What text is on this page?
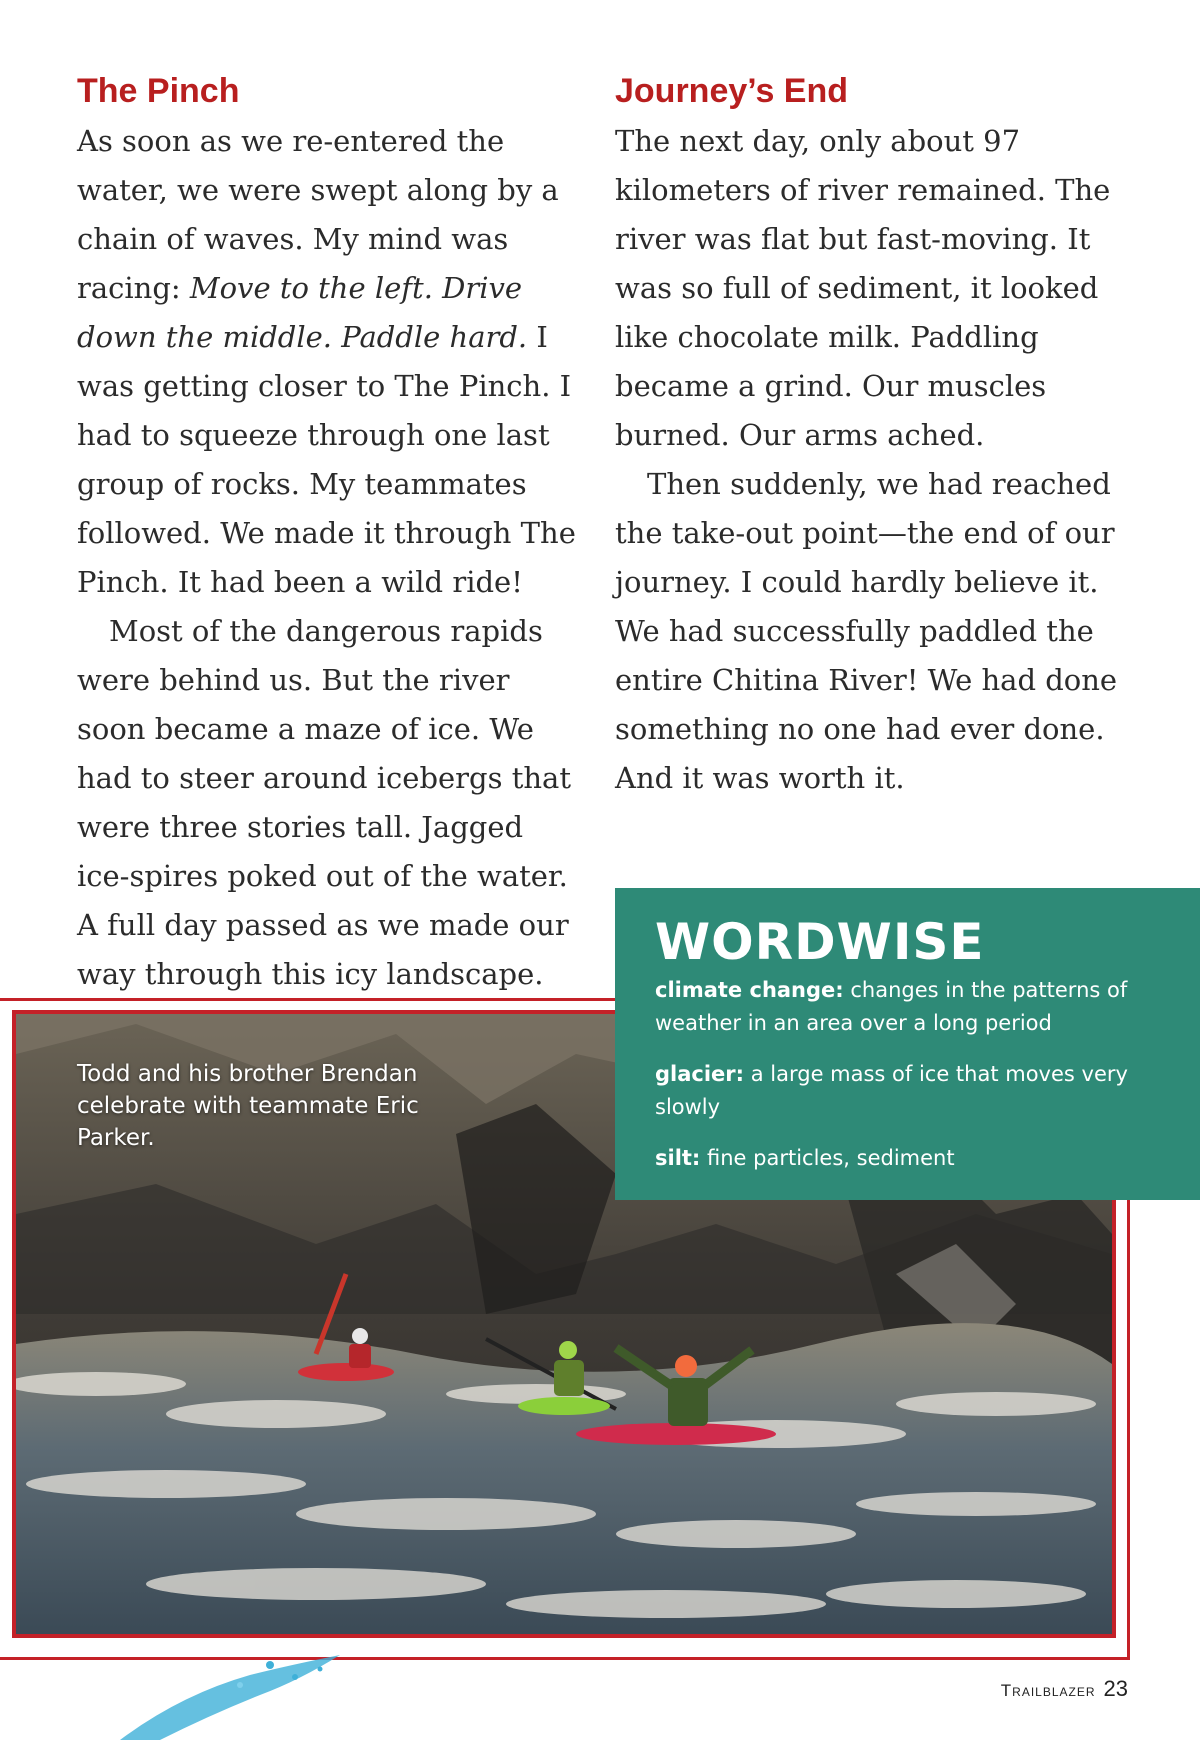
The Pinch

As soon as we re-entered the water, we were swept along by a chain of waves. My mind was racing: Move to the left. Drive down the middle. Paddle hard. I was getting closer to The Pinch. I had to squeeze through one last group of rocks. My teammates followed. We made it through The Pinch. It had been a wild ride!

Most of the dangerous rapids were behind us. But the river soon became a maze of ice. We had to steer around icebergs that were three stories tall. Jagged ice-spires poked out of the water. A full day passed as we made our way through this icy landscape.

Journey’s End

The next day, only about 97 kilometers of river remained. The river was flat but fast-moving. It was so full of sediment, it looked like chocolate milk. Paddling became a grind. Our muscles burned. Our arms ached.

Then suddenly, we had reached the take-out point—the end of our journey. I could hardly believe it. We had successfully paddled the entire Chitina River! We had done something no one had ever done. And it was worth it.

Todd and his brother Brendan celebrate with teammate Eric Parker.
WORDWISE

climate change: changes in the patterns of weather in an area over a long period

glacier: a large mass of ice that moves very slowly

silt: fine particles, sediment

Trailblazer 23
